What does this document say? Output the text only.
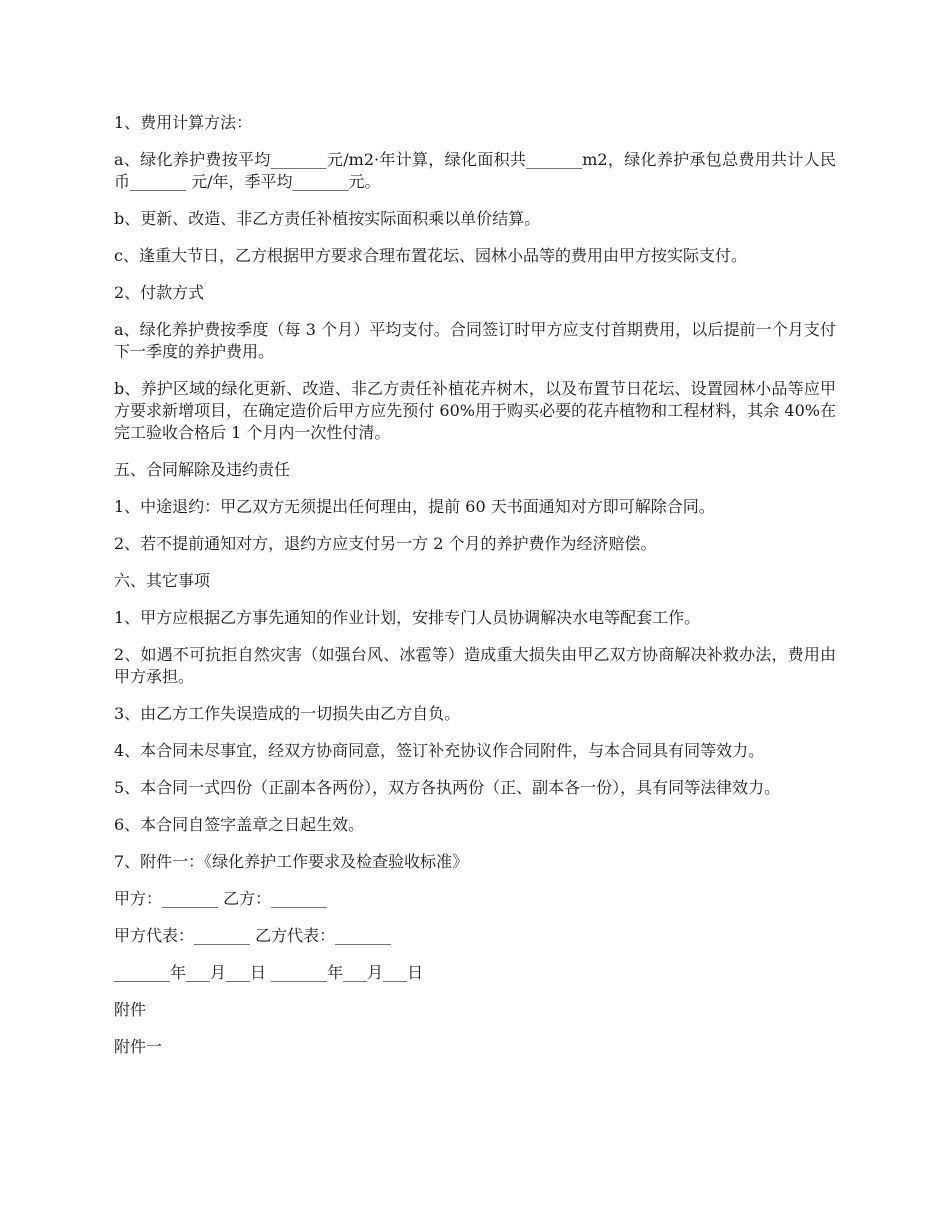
1、费用计算方法：

a、绿化养护费按平均_______元/m2·年计算，绿化面积共_______m2，绿化养护承包总费用共计人民币_______ 元/年，季平均_______元。

b、更新、改造、非乙方责任补植按实际面积乘以单价结算。

c、逢重大节日，乙方根据甲方要求合理布置花坛、园林小品等的费用由甲方按实际支付。

2、付款方式

a、绿化养护费按季度（每 3 个月）平均支付。合同签订时甲方应支付首期费用，以后提前一个月支付下一季度的养护费用。

b、养护区域的绿化更新、改造、非乙方责任补植花卉树木，以及布置节日花坛、设置园林小品等应甲方要求新增项目，在确定造价后甲方应先预付 60%用于购买必要的花卉植物和工程材料，其余 40%在完工验收合格后 1 个月内一次性付清。

五、合同解除及违约责任

1、中途退约：甲乙双方无须提出任何理由，提前 60 天书面通知对方即可解除合同。

2、若不提前通知对方，退约方应支付另一方 2 个月的养护费作为经济赔偿。

六、其它事项

1、甲方应根据乙方事先通知的作业计划，安排专门人员协调解决水电等配套工作。

2、如遇不可抗拒自然灾害（如强台风、冰雹等）造成重大损失由甲乙双方协商解决补救办法，费用由甲方承担。

3、由乙方工作失误造成的一切损失由乙方自负。

4、本合同未尽事宜，经双方协商同意，签订补充协议作合同附件，与本合同具有同等效力。

5、本合同一式四份（正副本各两份），双方各执两份（正、副本各一份），具有同等法律效力。

6、本合同自签字盖章之日起生效。

7、附件一：《绿化养护工作要求及检查验收标准》

甲方：_______ 乙方：_______

甲方代表：_______ 乙方代表：_______

_______年___月___日 _______年___月___日

附件

附件一
